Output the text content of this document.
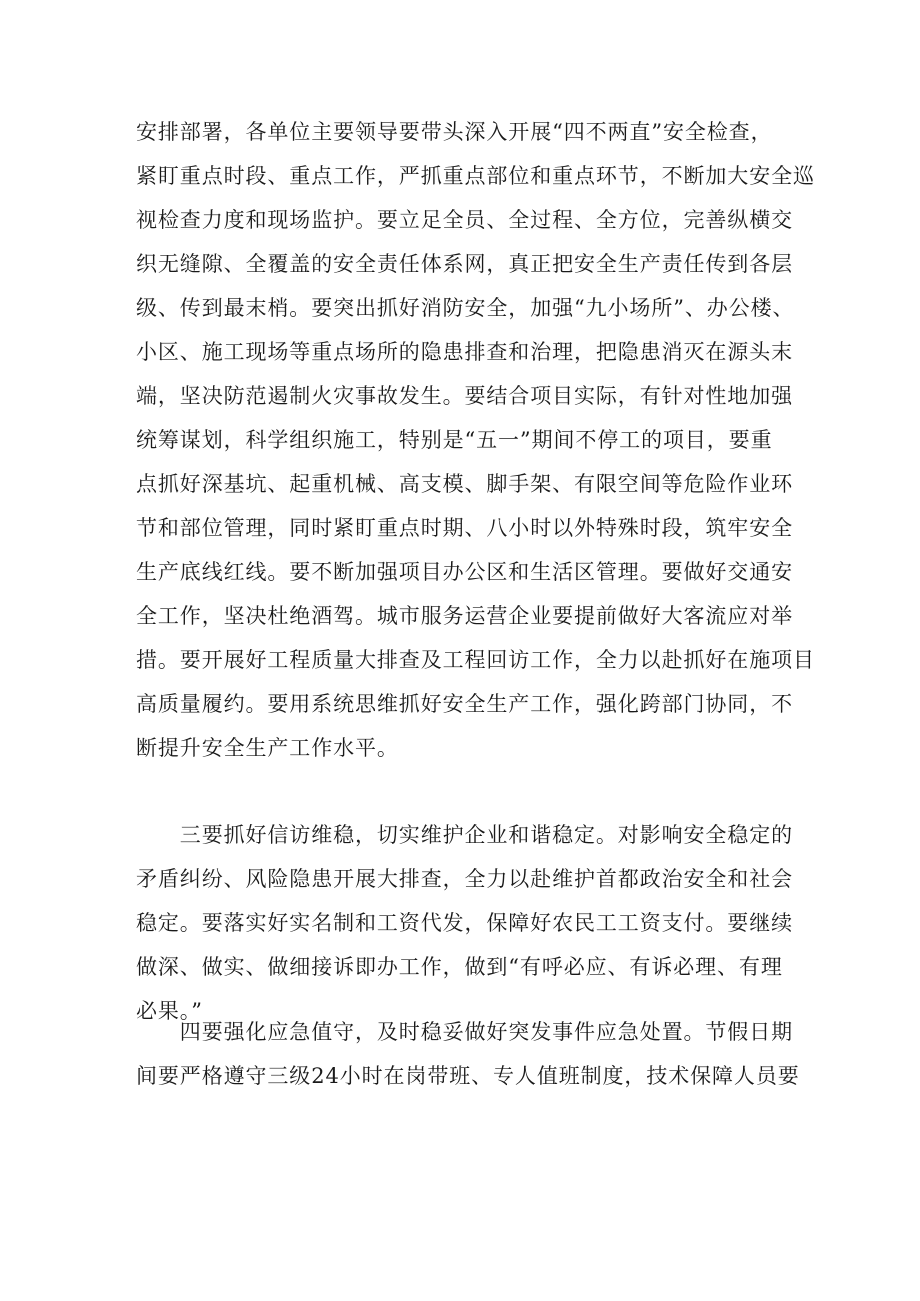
安排部署，各单位主要领导要带头深入开展“四不两直”安全检查，
紧盯重点时段、重点工作，严抓重点部位和重点环节，不断加大安全巡
视检查力度和现场监护。要立足全员、全过程、全方位，完善纵横交
织无缝隙、全覆盖的安全责任体系网，真正把安全生产责任传到各层
级、传到最末梢。要突出抓好消防安全，加强“九小场所”、办公楼、
小区、施工现场等重点场所的隐患排查和治理，把隐患消灭在源头末
端，坚决防范遏制火灾事故发生。要结合项目实际，有针对性地加强
统筹谋划，科学组织施工，特别是“五一”期间不停工的项目，要重
点抓好深基坑、起重机械、高支模、脚手架、有限空间等危险作业环
节和部位管理，同时紧盯重点时期、八小时以外特殊时段，筑牢安全
生产底线红线。要不断加强项目办公区和生活区管理。要做好交通安
全工作，坚决杜绝酒驾。城市服务运营企业要提前做好大客流应对举
措。要开展好工程质量大排查及工程回访工作，全力以赴抓好在施项目
高质量履约。要用系统思维抓好安全生产工作，强化跨部门协同，不
断提升安全生产工作水平。
　　三要抓好信访维稳，切实维护企业和谐稳定。对影响安全稳定的
矛盾纠纷、风险隐患开展大排查，全力以赴维护首都政治安全和社会
稳定。要落实好实名制和工资代发，保障好农民工工资支付。要继续
做深、做实、做细接诉即办工作，做到“有呼必应、有诉必理、有理
必果。”
　　四要强化应急值守，及时稳妥做好突发事件应急处置。节假日期
间要严格遵守三级24小时在岗带班、专人值班制度，技术保障人员要
